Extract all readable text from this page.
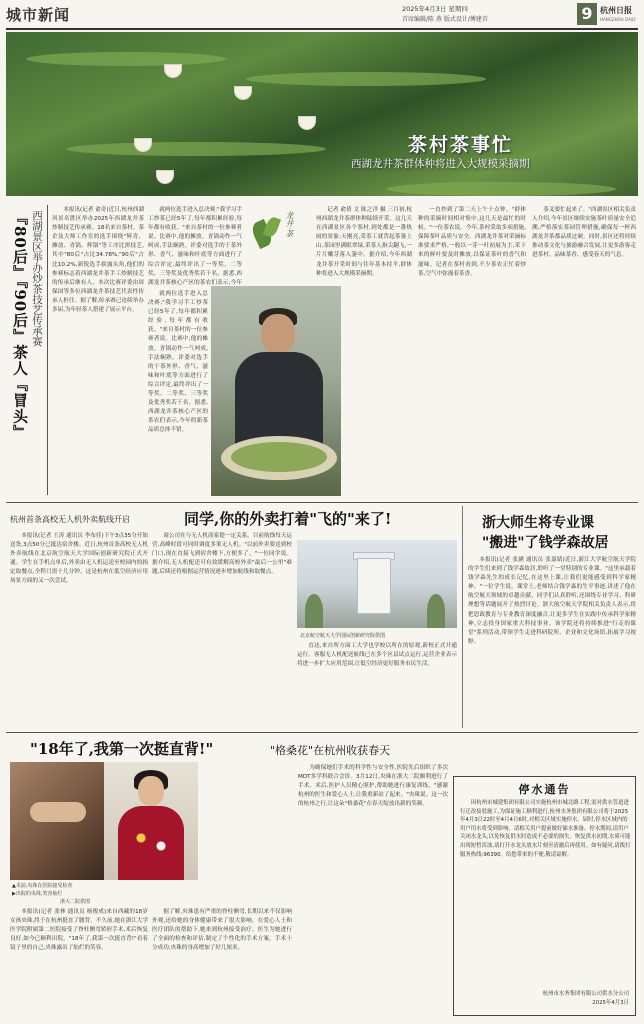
城市新闻	2025年4月3日 星期四
首席编辑/陈 燕 版式设计/傅建首	9 杭州日报
HANGZHOU DAILY
茶村茶事忙
西湖龙井茶群体种将进入大规模采摘期
『80后』『90后』茶人『冒头』 西湖景区举办炒茶技艺传承赛	本报讯(记者 俞奇)近日,杭州西湖风景名胜区举办2025年西湖龙井茶炒制技艺传承赛。18名来自茶村、茶企及大师工作室的选手围绕"辉青、摊放、青锅、辉锅"等工序比拼技艺,其中"80后"占比34.78%,"90后"占比10.2%,新锐选手崭露头角,他们的参赛标志着西湖龙井茶手工炒制技艺的传承后继有人。本次比赛评委由周保国等多位西湖龙井茶技艺代表性传承人担任。据了解,传承赛已连续举办多届,为年轻茶人搭建了展示平台。

就两位选手进入总决赛,"我学习手工炒茶已经5年了,每年都积累经验,每年都有收获。"来自茶村的一位参赛者说。比赛中,他的摊放、青锅动作一气呵成,手法娴熟。评委对选手的干茶外形、香气、滋味和叶底等方面进行了综合评定,最终评出了一等奖、二等奖、三等奖及优秀奖若干名。据悉,西湖龙井茶核心产区的茶农们表示,今年

龙井·茶

就两位选手进入总决赛,"我学习手工炒茶已经5年了,每年都积累经验,每年都有收获。"来自茶村的一位参赛者说。比赛中,他的摊放、青锅动作一气呵成,手法娴熟。评委对选手的干茶外形、香气、滋味和叶底等方面进行了综合评定,最终评出了一等奖、二等奖、三等奖及优秀奖若干名。据悉,西湖龙井茶核心产区的茶农们表示,今年的新茶品质总体不错。

记者 俞倩 文 陈之洋 摄 三月初,杭州西湖龙井茶群体种陆续开采。这几天在西湖景区各个茶村,到处都是一番热闹的景象:天刚亮,采茶工就背起茶篓上山,茶园里满眼翠绿,采茶人指尖翻飞,一片片嫩芽落入篓中。据介绍,今年西湖龙井茶开采时间与往年基本持平,群体种将进入大规模采摘期。

一直抄到了第二天上午十点钟。"群体种的采摘时间相对集中,这几天是最忙的时候。"一位茶农说。今年,茶村采取多项措施,保障茶叶品质与安全。西湖龙井茶对采摘标准要求严格,一般以一芽一叶初展为主,采下来的鲜叶要及时摊放,以保证茶叶的香气和滋味。记者在茶村看到,不少茶农正忙着炒茶,空气中弥漫着茶香。

茶叉要忙起来了。"西湖景区相关负责人介绍,今年景区继续实施茶叶质量安全追溯,严格落实茶园管理措施,确保每一杯西湖龙井茶都品质过硬。同时,景区还将持续推动茶文化与旅游融合发展,让更多游客走进茶村、品味茶香、感受春天的气息。

杭州首条高校无人机外卖航线开启	同学,你的外卖打着"飞的"来了!

本报讯(记者 王涛 通讯员 李布佳)下午3点35分开始送货,3点50分已抵达宿舍楼。近日,杭州首条高校无人机外卖航线在北京航空航天大学国际创新研究院正式开通。学生在手机点单后,外卖由无人机运送至校园内的指定取餐点,全程只需十几分钟。这是杭州在低空经济应用场景方面的又一次尝试。

商公司在与无人机商家提一定关系。目前航线每天运营,高峰时段可同时调度多架无人机。"以前外卖要送到校门口,现在直接飞到宿舍楼下,方便多了。"一位同学说。据介绍,无人机配送可有效缓解高校外卖"最后一公里"难题,后续还将根据运营情况逐步增加航线和取餐点。

北京航空航天大学国际创新研究院供图

直达,来自所方面工大学也学校以所在的原观,新校正式开通运行。客服无人机配送航线已在多个区县试点运行,运营企业表示将进一步扩大应用范围,让低空经济更好服务市民生活。

浙大师生将专业课
"搬进"了钱学森故居

本报讯(记者 张涵 通讯员 张嘉婧)近日,浙江大学航空航天学院的学生们来到了钱学森故居,聆听了一堂特别的专业课。"这里承载着钱学森先生的成长记忆,在这里上课,让我们更能感受到科学家精神。"一位学生说。课堂上,老师结合钱学森的生平事迹,讲述了他在航空航天领域的卓越贡献。同学们认真聆听,还围绕专业学习、科研理想等话题展开了热烈讨论。浙大航空航天学院相关负责人表示,将把思政教育与专业教育深度融合,让更多学生在实践中传承科学家精神,立志投身国家重大科技事业。该学院还将持续推进"行走的课堂"系列活动,带领学生走进科研院所、企业和文化场馆,拓展学习视野。

"18年了,我第一次挺直背!"	"格桑花"在杭州收获春天
▲术前,央珠在医院接受检查
▶出院的央珠,笑容灿烂
浙大二院供图

本报讯(记者 张林 通讯员 杨俊成)来自西藏的18岁女孩央珠,终于在杭州挺直了腰背。不久前,她在浙江大学医学院附属第二医院接受了脊柱侧弯矫形手术,术后恢复良好,如今已顺利出院。"18年了,我第一次挺直背!"看着镜子里的自己,央珠露出了灿烂的笑容。

据了解,央珠患有严重的脊柱侧弯,长期以来不仅影响外观,还给她的身体健康带来了很大影响。在爱心人士和医疗团队的帮助下,她来到杭州接受治疗。医生为她进行了全面的检查和评估,制定了个性化的手术方案。手术十分成功,央珠的身高增加了好几厘米。

为确保她们手术的科学性与安全性,医院先后组织了多次MDT多学科联合会诊。3月12日,央珠在浙大二院顺利进行了手术。术后,医护人员精心照护,帮助她进行康复训练。"感谢杭州的医生和爱心人士,让我重新站了起来。"央珠说。这一次的杭州之行,让这朵"格桑花"在春天绽放出新的笑颜。

停水通告

因杭州市城建集团有限公司实施杭州市城北路工程,需对供水管道进行迁改接驳施工,为保证施工顺利进行,杭州水务集团有限公司将于2025年4月3日22时至4月4日6时,对相关区域实施停水。届时,停水区域内的用户用水将受到影响。请相关用户提前做好储水准备。停水期间,请用户关闭水龙头,以免恢复供水时造成不必要的损失。恢复供水初期,水质可能出现短暂浑浊,请打开水龙头放水片刻至清澈后再使用。如有疑问,请拨打服务热线:96390。给您带来的不便,敬请谅解。

杭州市水务集团有限公司供水分公司
2025年4月3日
